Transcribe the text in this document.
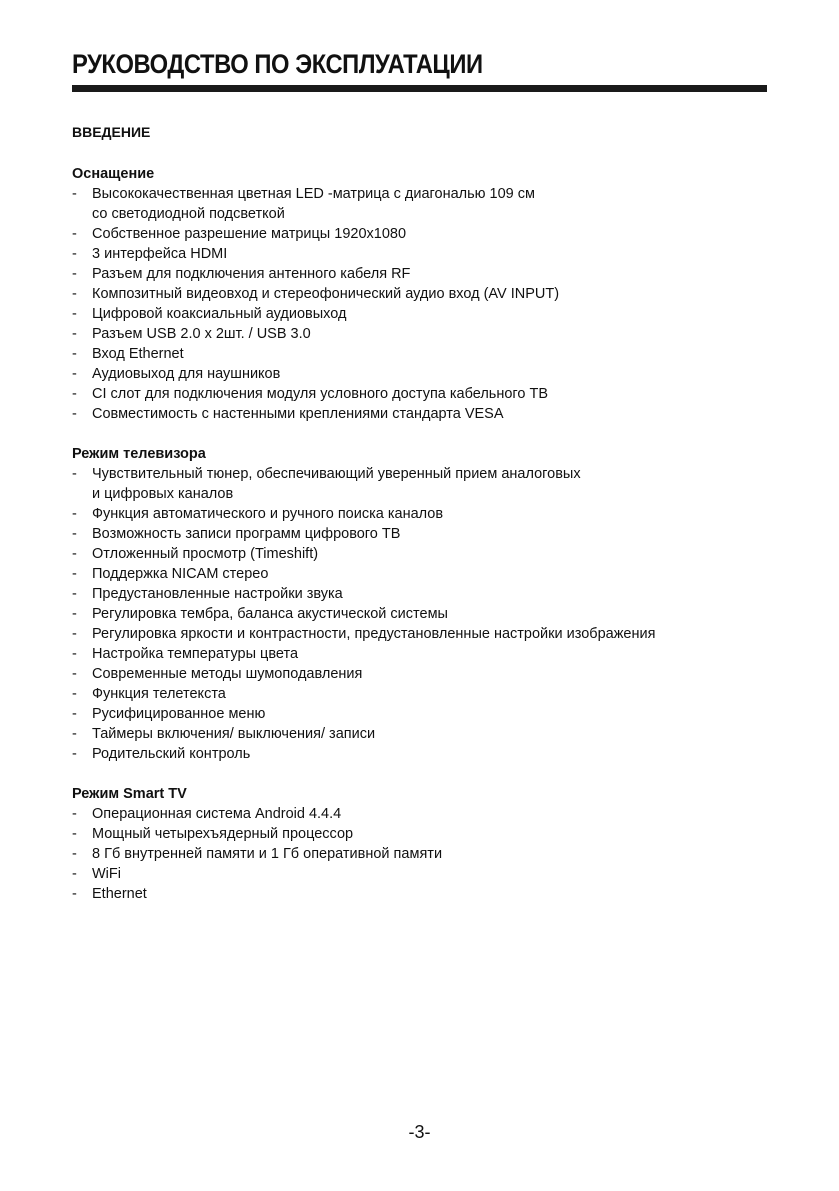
РУКОВОДСТВО ПО ЭКСПЛУАТАЦИИ
ВВЕДЕНИЕ
Оснащение
- Высококачественная цветная LED -матрица с диагональю 109 см
со светодиодной подсветкой
- Собственное разрешение матрицы 1920x1080
- 3 интерфейса HDMI
- Разъем для подключения антенного кабеля RF
- Композитный видеовход и стереофонический аудио вход (AV INPUT)
- Цифровой коаксиальный аудиовыход
- Разъем USB 2.0 x 2шт. / USB 3.0
- Вход Ethernet
- Аудиовыход для наушников
- CI слот для подключения модуля условного доступа кабельного ТВ
- Совместимость с настенными креплениями стандарта VESA
Режим телевизора
- Чувствительный тюнер, обеспечивающий уверенный прием аналоговых
и цифровых каналов
- Функция автоматического и ручного поиска каналов
- Возможность записи программ цифрового ТВ
- Отложенный просмотр (Timeshift)
- Поддержка NICAM стерео
- Предустановленные настройки звука
- Регулировка тембра, баланса акустической системы
- Регулировка яркости и контрастности, предустановленные настройки изображения
- Настройка температуры цвета
- Современные методы шумоподавления
- Функция телетекста
- Русифицированное меню
- Таймеры включения/ выключения/ записи
- Родительский контроль
Режим Smart TV
- Операционная система Android 4.4.4
- Мощный четырехъядерный процессор
- 8 Гб внутренней памяти и 1 Гб оперативной памяти
- WiFi
- Ethernet
-3-
